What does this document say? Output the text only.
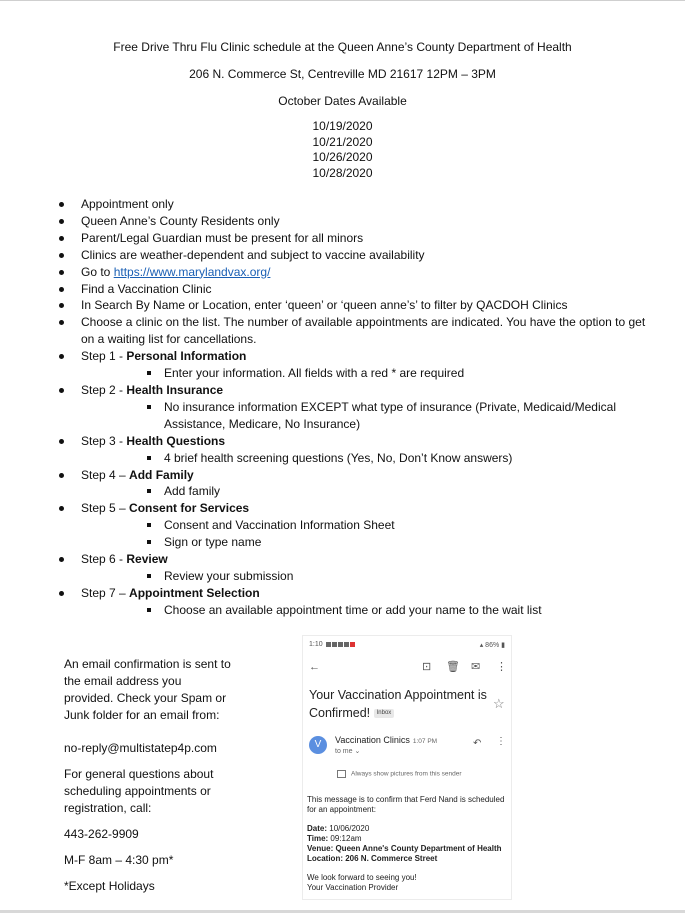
Free Drive Thru Flu Clinic schedule at the Queen Anne’s County Department of Health
206 N. Commerce St, Centreville MD 21617 12PM – 3PM
October Dates Available
10/19/2020
10/21/2020
10/26/2020
10/28/2020
Appointment only
Queen Anne’s County Residents only
Parent/Legal Guardian must be present for all minors
Clinics are weather-dependent and subject to vaccine availability
Go to https://www.marylandvax.org/
Find a Vaccination Clinic
In Search By Name or Location, enter ‘queen’ or ‘queen anne’s’ to filter by QACDOH Clinics
Choose a clinic on the list. The number of available appointments are indicated. You have the option to get on a waiting list for cancellations.
Step 1 - Personal Information
Enter your information. All fields with a red * are required
Step 2 - Health Insurance
No insurance information EXCEPT what type of insurance (Private, Medicaid/Medical Assistance, Medicare, No Insurance)
Step 3 - Health Questions
4 brief health screening questions (Yes, No, Don’t Know answers)
Step 4 – Add Family
Add family
Step 5 – Consent for Services
Consent and Vaccination Information Sheet
Sign or type name
Step 6 - Review
Review your submission
Step 7 – Appointment Selection
Choose an available appointment time or add your name to the wait list

An email confirmation is sent to the email address you provided. Check your Spam or Junk folder for an email from:

no-reply@multistatep4p.com

For general questions about scheduling appointments or registration, call:

443-262-9909

M-F 8am – 4:30 pm*

*Except Holidays

1:10	▴ 86% ▮
←	⊡ 🗑 ✉ ⋮
Your Vaccination Appointment is Confirmed! Inbox
☆
V	Vaccination Clinics 1:07 PM
to me ⌄
↶ ⋮
Always show pictures from this sender

This message is to confirm that Ferd Nand is scheduled for an appointment:

Date: 10/06/2020

Time: 09:12am

Venue: Queen Anne's County Department of Health

Location: 206 N. Commerce Street

We look forward to seeing you!

Your Vaccination Provider
